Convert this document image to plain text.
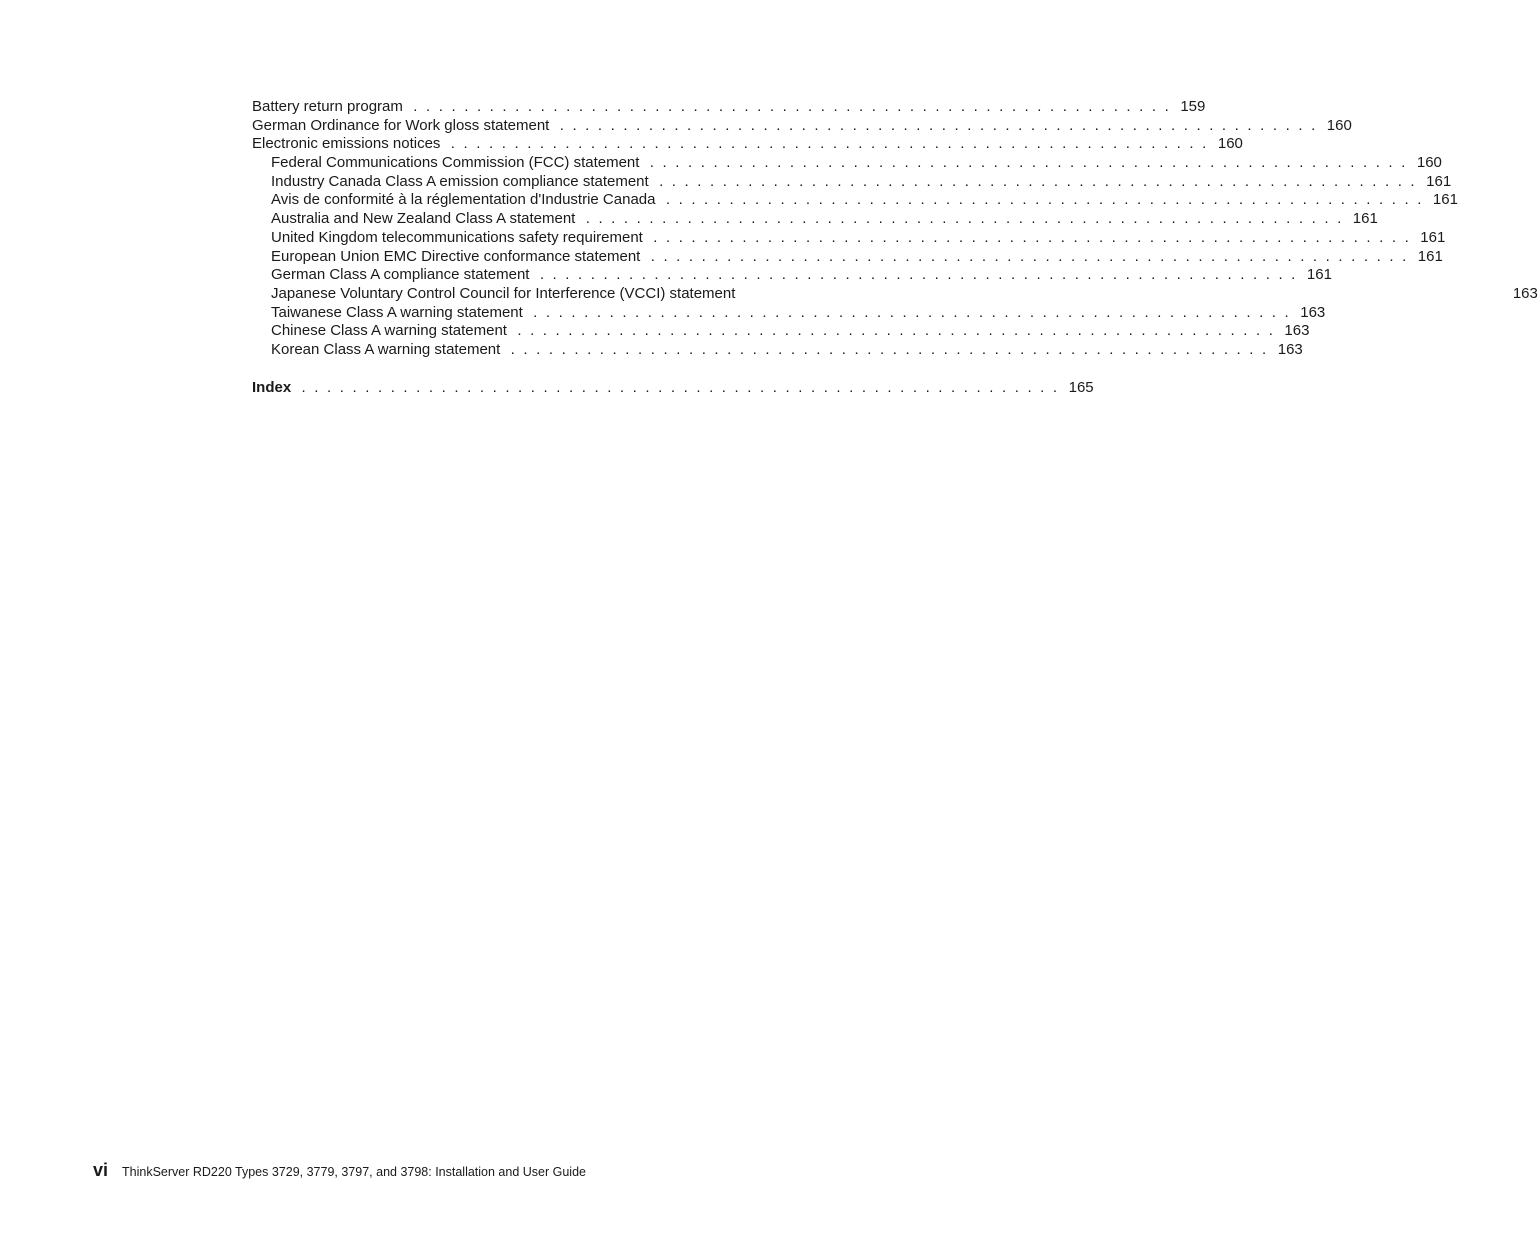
Battery return program . . . . . . . . . . . . . . . . . . . . . . . . . . . . . . . . . . . . . . . . . . . . . . . . . . . . . . . . . . . . 159
German Ordinance for Work gloss statement . . . . . . . . . . . . . . . . . . . . . . . . . . . . . . . . . . . . . . . . . . . . . . . . . . . . . . . . . . . . 160
Electronic emissions notices . . . . . . . . . . . . . . . . . . . . . . . . . . . . . . . . . . . . . . . . . . . . . . . . . . . . . . . . . . . . 160
Federal Communications Commission (FCC) statement . . . . . . . . . . . . . . . . . . . . . . . . . . . . . . . . . . . . . . . . . . . . . . . . . . . . . . . . . . . . 160
Industry Canada Class A emission compliance statement . . . . . . . . . . . . . . . . . . . . . . . . . . . . . . . . . . . . . . . . . . . . . . . . . . . . . . . . . . . . 161
Avis de conformité à la réglementation d'Industrie Canada . . . . . . . . . . . . . . . . . . . . . . . . . . . . . . . . . . . . . . . . . . . . . . . . . . . . . . . . . . . . 161
Australia and New Zealand Class A statement . . . . . . . . . . . . . . . . . . . . . . . . . . . . . . . . . . . . . . . . . . . . . . . . . . . . . . . . . . . . 161
United Kingdom telecommunications safety requirement . . . . . . . . . . . . . . . . . . . . . . . . . . . . . . . . . . . . . . . . . . . . . . . . . . . . . . . . . . . . 161
European Union EMC Directive conformance statement . . . . . . . . . . . . . . . . . . . . . . . . . . . . . . . . . . . . . . . . . . . . . . . . . . . . . . . . . . . . 161
German Class A compliance statement . . . . . . . . . . . . . . . . . . . . . . . . . . . . . . . . . . . . . . . . . . . . . . . . . . . . . . . . . . . . 161
Japanese Voluntary Control Council for Interference (VCCI) statement	163
Taiwanese Class A warning statement . . . . . . . . . . . . . . . . . . . . . . . . . . . . . . . . . . . . . . . . . . . . . . . . . . . . . . . . . . . . 163
Chinese Class A warning statement . . . . . . . . . . . . . . . . . . . . . . . . . . . . . . . . . . . . . . . . . . . . . . . . . . . . . . . . . . . . 163
Korean Class A warning statement . . . . . . . . . . . . . . . . . . . . . . . . . . . . . . . . . . . . . . . . . . . . . . . . . . . . . . . . . . . . 163
Index . . . . . . . . . . . . . . . . . . . . . . . . . . . . . . . . . . . . . . . . . . . . . . . . . . . . . . . . . . . . 165
vi ThinkServer RD220 Types 3729, 3779, 3797, and 3798: Installation and User Guide
